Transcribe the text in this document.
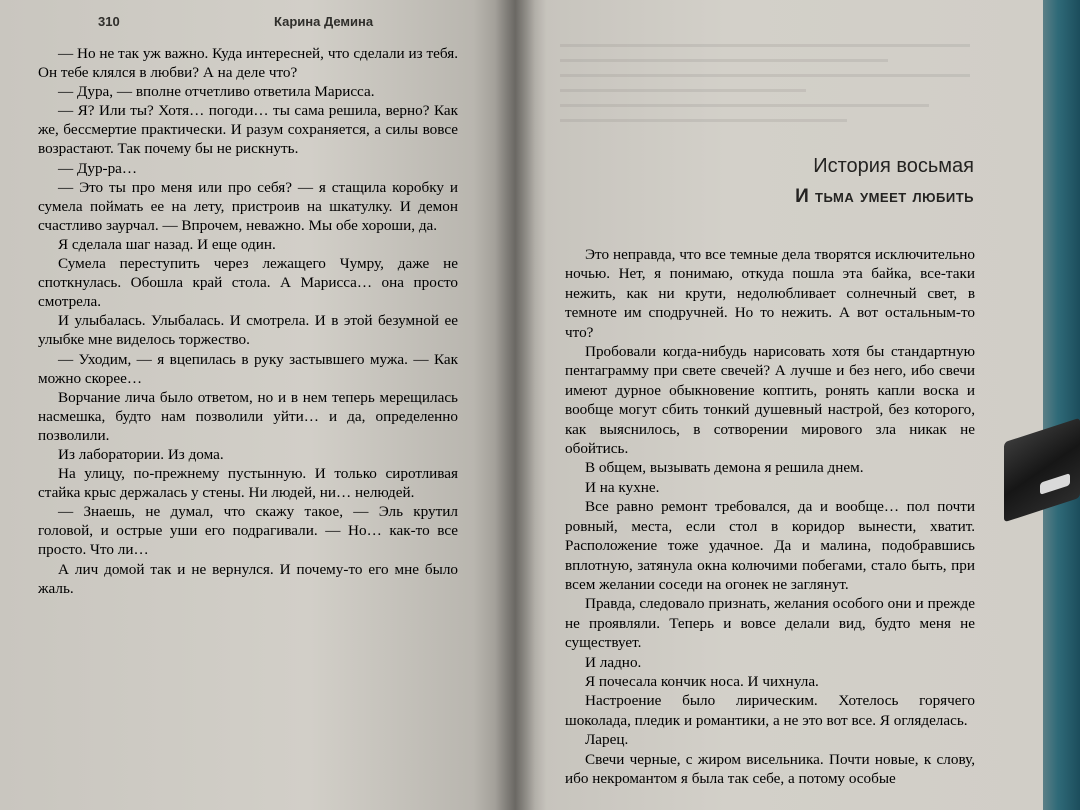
310	Карина Демина

— Но не так уж важно. Куда интересней, что сделали из тебя. Он тебе клялся в любви? А на деле что?

— Дура, — вполне отчетливо ответила Марисса.

— Я? Или ты? Хотя… погоди… ты сама решила, верно? Как же, бессмертие практически. И разум сохраняется, а силы вовсе возрастают. Так почему бы не рискнуть.

— Дур-ра…

— Это ты про меня или про себя? — я стащила коробку и сумела поймать ее на лету, пристроив на шкатулку. И демон счастливо заурчал. — Впрочем, неважно. Мы обе хороши, да.

Я сделала шаг назад. И еще один.

Сумела переступить через лежащего Чумру, даже не споткнулась. Обошла край стола. А Марисса… она просто смотрела.

И улыбалась. Улыбалась. И смотрела. И в этой безумной ее улыбке мне виделось торжество.

— Уходим, — я вцепилась в руку застывшего мужа. — Как можно скорее…

Ворчание лича было ответом, но и в нем теперь мерещилась насмешка, будто нам позволили уйти… и да, определенно позволили.

Из лаборатории. Из дома.

На улицу, по-прежнему пустынную. И только сиротливая стайка крыс держалась у стены. Ни людей, ни… нелюдей.

— Знаешь, не думал, что скажу такое, — Эль крутил головой, и острые уши его подрагивали. — Но… как-то все просто. Что ли…

А лич домой так и не вернулся. И почему-то его мне было жаль.

История восьмая
И тьма умеет любить

Это неправда, что все темные дела творятся исключительно ночью. Нет, я понимаю, откуда пошла эта байка, все-таки нежить, как ни крути, недолюбливает солнечный свет, в темноте им сподручней. Но то нежить. А вот остальным-то что?

Пробовали когда-нибудь нарисовать хотя бы стандартную пентаграмму при свете свечей? А лучше и без него, ибо свечи имеют дурное обыкновение коптить, ронять капли воска и вообще могут сбить тонкий душевный настрой, без которого, как выяснилось, в сотворении мирового зла никак не обойтись.

В общем, вызывать демона я решила днем.

И на кухне.

Все равно ремонт требовался, да и вообще… пол почти ровный, места, если стол в коридор вынести, хватит. Расположение тоже удачное. Да и малина, подобравшись вплотную, затянула окна колючими побегами, стало быть, при всем желании соседи на огонек не заглянут.

Правда, следовало признать, желания особого они и прежде не проявляли. Теперь и вовсе делали вид, будто меня не существует.

И ладно.

Я почесала кончик носа. И чихнула.

Настроение было лирическим. Хотелось горячего шоколада, пледик и романтики, а не это вот все. Я огляделась.

Ларец.

Свечи черные, с жиром висельника. Почти новые, к слову, ибо некромантом я была так себе, а потому особые
